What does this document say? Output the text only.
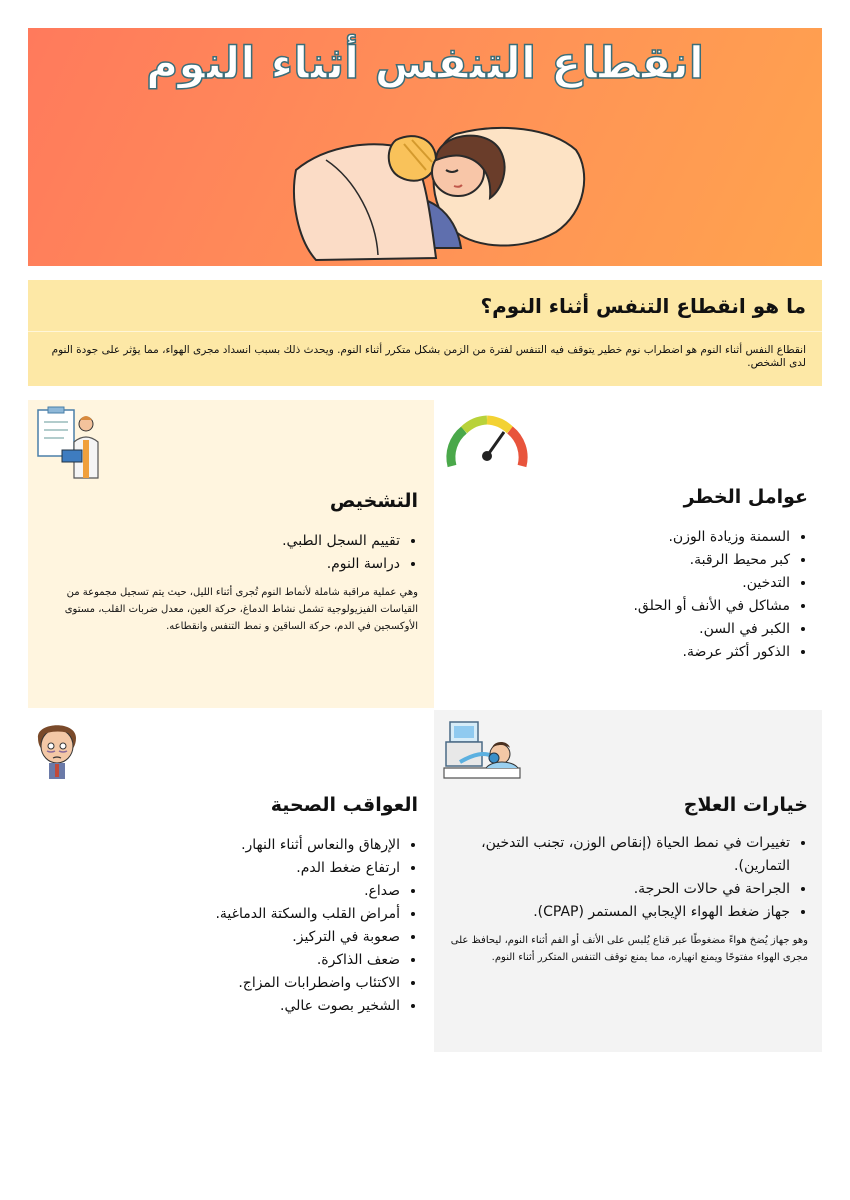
انقطاع التنفس أثناء النوم
ما هو انقطاع التنفس أثناء النوم؟

انقطاع النفس أثناء النوم هو اضطراب نوم خطير يتوقف فيه التنفس لفترة من الزمن بشكل متكرر أثناء النوم. ويحدث ذلك بسبب انسداد مجرى الهواء، مما يؤثر على جودة النوم لدى الشخص.

التشخيص
• تقييم السجل الطبي.
• دراسة النوم.

وهي عملية مراقبة شاملة لأنماط النوم تُجرى أثناء الليل، حيث يتم تسجيل مجموعة من القياسات الفيزيولوجية تشمل نشاط الدماغ، حركة العين، معدل ضربات القلب، مستوى الأوكسجين في الدم، حركة الساقين و نمط التنفس وانقطاعه.

عوامل الخطر
• السمنة وزيادة الوزن.
• كبر محيط الرقبة.
• التدخين.
• مشاكل في الأنف أو الحلق.
• الكبر في السن.
• الذكور أكثر عرضة.
العواقب الصحية
• الإرهاق والنعاس أثناء النهار.
• ارتفاع ضغط الدم.
• صداع.
• أمراض القلب والسكتة الدماغية.
• صعوبة في التركيز.
• ضعف الذاكرة.
• الاكتئاب واضطرابات المزاج.
• الشخير بصوت عالي.
خيارات العلاج
• تغييرات في نمط الحياة (إنقاص الوزن، تجنب التدخين، التمارين).
• الجراحة في حالات الحرجة.
• جهاز ضغط الهواء الإيجابي المستمر (CPAP).

وهو جهاز يُضخ هواءً مضغوطًا عبر قناع يُلبس على الأنف أو الفم أثناء النوم، ليحافظ على مجرى الهواء مفتوحًا ويمنع انهياره، مما يمنع توقف التنفس المتكرر أثناء النوم.
